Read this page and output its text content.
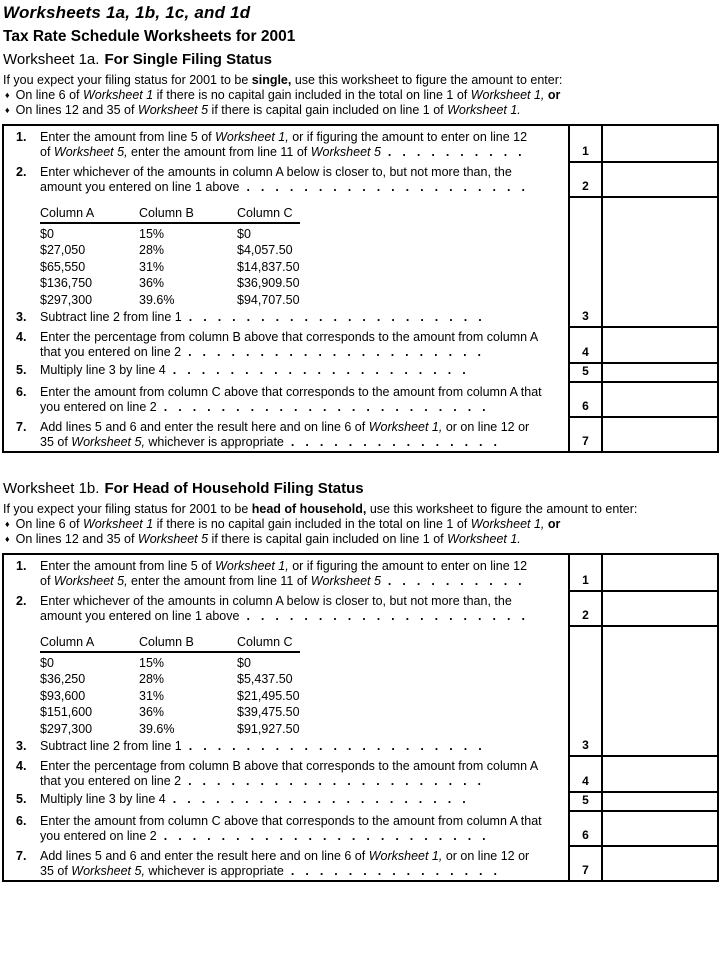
Worksheets 1a, 1b, 1c, and 1d
Tax Rate Schedule Worksheets for 2001
Worksheet 1a. For Single Filing Status
If you expect your filing status for 2001 to be single, use this worksheet to figure the amount to enter:
♦ On line 6 of Worksheet 1 if there is no capital gain included in the total on line 1 of Worksheet 1, or
♦ On lines 12 and 35 of Worksheet 5 if there is capital gain included on line 1 of Worksheet 1.
1.	Enter the amount from line 5 of Worksheet 1, or if figuring the amount to enter on line 12
of Worksheet 5, enter the amount from line 11 of Worksheet 5 ..........	1
2.	Enter whichever of the amounts in column A below is closer to, but not more than, the
amount you entered on line 1 above ....................	2
Column A	Column B	Column C
$0	15%	$0
$27,050	28%	$4,057.50
$65,550	31%	$14,837.50
$136,750	36%	$36,909.50
$297,300	39.6%	$94,707.50
3.	Subtract line 2 from line 1 .....................	3
4.	Enter the percentage from column B above that corresponds to the amount from column A
that you entered on line 2 .....................	4
5.	Multiply line 3 by line 4 .....................	5
6.	Enter the amount from column C above that corresponds to the amount from column A that
you entered on line 2 .......................	6
7.	Add lines 5 and 6 and enter the result here and on line 6 of Worksheet 1, or on line 12 or
35 of Worksheet 5, whichever is appropriate ...............	7
Worksheet 1b. For Head of Household Filing Status
If you expect your filing status for 2001 to be head of household, use this worksheet to figure the amount to enter:
♦ On line 6 of Worksheet 1 if there is no capital gain included in the total on line 1 of Worksheet 1, or
♦ On lines 12 and 35 of Worksheet 5 if there is capital gain included on line 1 of Worksheet 1.
1.	Enter the amount from line 5 of Worksheet 1, or if figuring the amount to enter on line 12
of Worksheet 5, enter the amount from line 11 of Worksheet 5 ..........	1
2.	Enter whichever of the amounts in column A below is closer to, but not more than, the
amount you entered on line 1 above ....................	2
Column A	Column B	Column C
$0	15%	$0
$36,250	28%	$5,437.50
$93,600	31%	$21,495.50
$151,600	36%	$39,475.50
$297,300	39.6%	$91,927.50
3.	Subtract line 2 from line 1 .....................	3
4.	Enter the percentage from column B above that corresponds to the amount from column A
that you entered on line 2 .....................	4
5.	Multiply line 3 by line 4 .....................	5
6.	Enter the amount from column C above that corresponds to the amount from column A that
you entered on line 2 .......................	6
7.	Add lines 5 and 6 and enter the result here and on line 6 of Worksheet 1, or on line 12 or
35 of Worksheet 5, whichever is appropriate ...............	7
